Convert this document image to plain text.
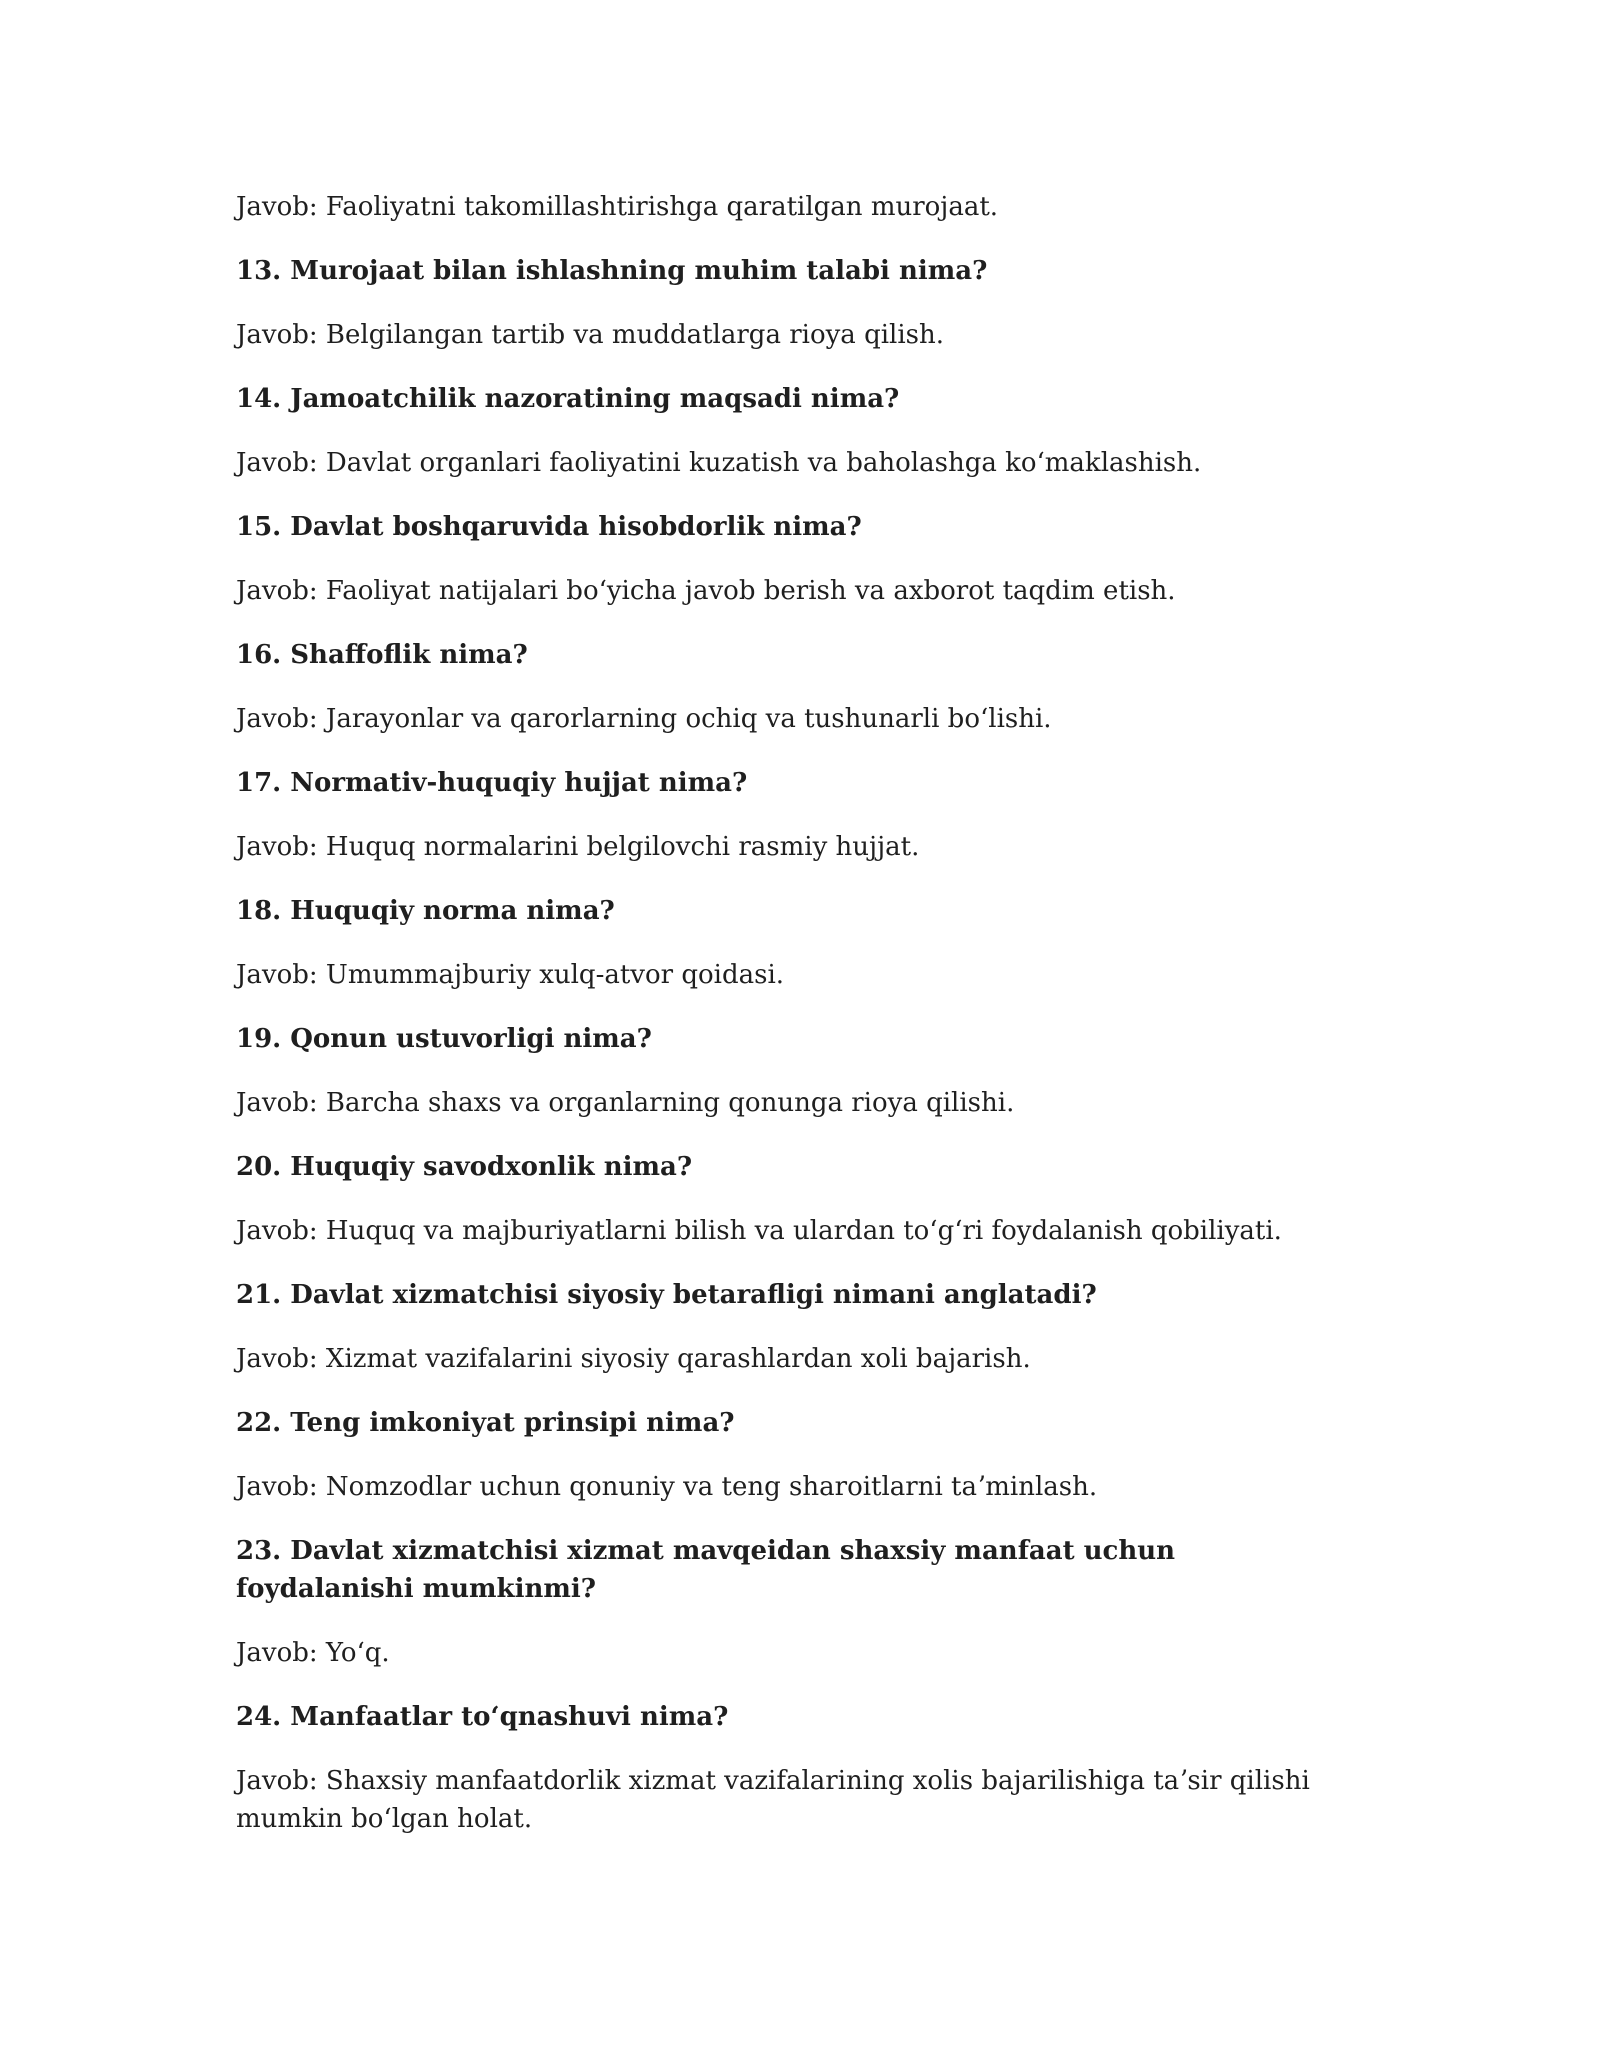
Javob: Faoliyatni takomillashtirishga qaratilgan murojaat.

13. Murojaat bilan ishlashning muhim talabi nima?

Javob: Belgilangan tartib va muddatlarga rioya qilish.

14. Jamoatchilik nazoratining maqsadi nima?

Javob: Davlat organlari faoliyatini kuzatish va baholashga koʻmaklashish.

15. Davlat boshqaruvida hisobdorlik nima?

Javob: Faoliyat natijalari boʻyicha javob berish va axborot taqdim etish.

16. Shaffoflik nima?

Javob: Jarayonlar va qarorlarning ochiq va tushunarli boʻlishi.

17. Normativ-huquqiy hujjat nima?

Javob: Huquq normalarini belgilovchi rasmiy hujjat.

18. Huquqiy norma nima?

Javob: Umummajburiy xulq-atvor qoidasi.

19. Qonun ustuvorligi nima?

Javob: Barcha shaxs va organlarning qonunga rioya qilishi.

20. Huquqiy savodxonlik nima?

Javob: Huquq va majburiyatlarni bilish va ulardan toʻgʻri foydalanish qobiliyati.

21. Davlat xizmatchisi siyosiy betarafligi nimani anglatadi?

Javob: Xizmat vazifalarini siyosiy qarashlardan xoli bajarish.

22. Teng imkoniyat prinsipi nima?

Javob: Nomzodlar uchun qonuniy va teng sharoitlarni taʼminlash.

23. Davlat xizmatchisi xizmat mavqeidan shaxsiy manfaat uchun foydalanishi mumkinmi?

Javob: Yoʻq.

24. Manfaatlar toʻqnashuvi nima?

Javob: Shaxsiy manfaatdorlik xizmat vazifalarining xolis bajarilishiga taʼsir qilishi mumkin boʻlgan holat.
